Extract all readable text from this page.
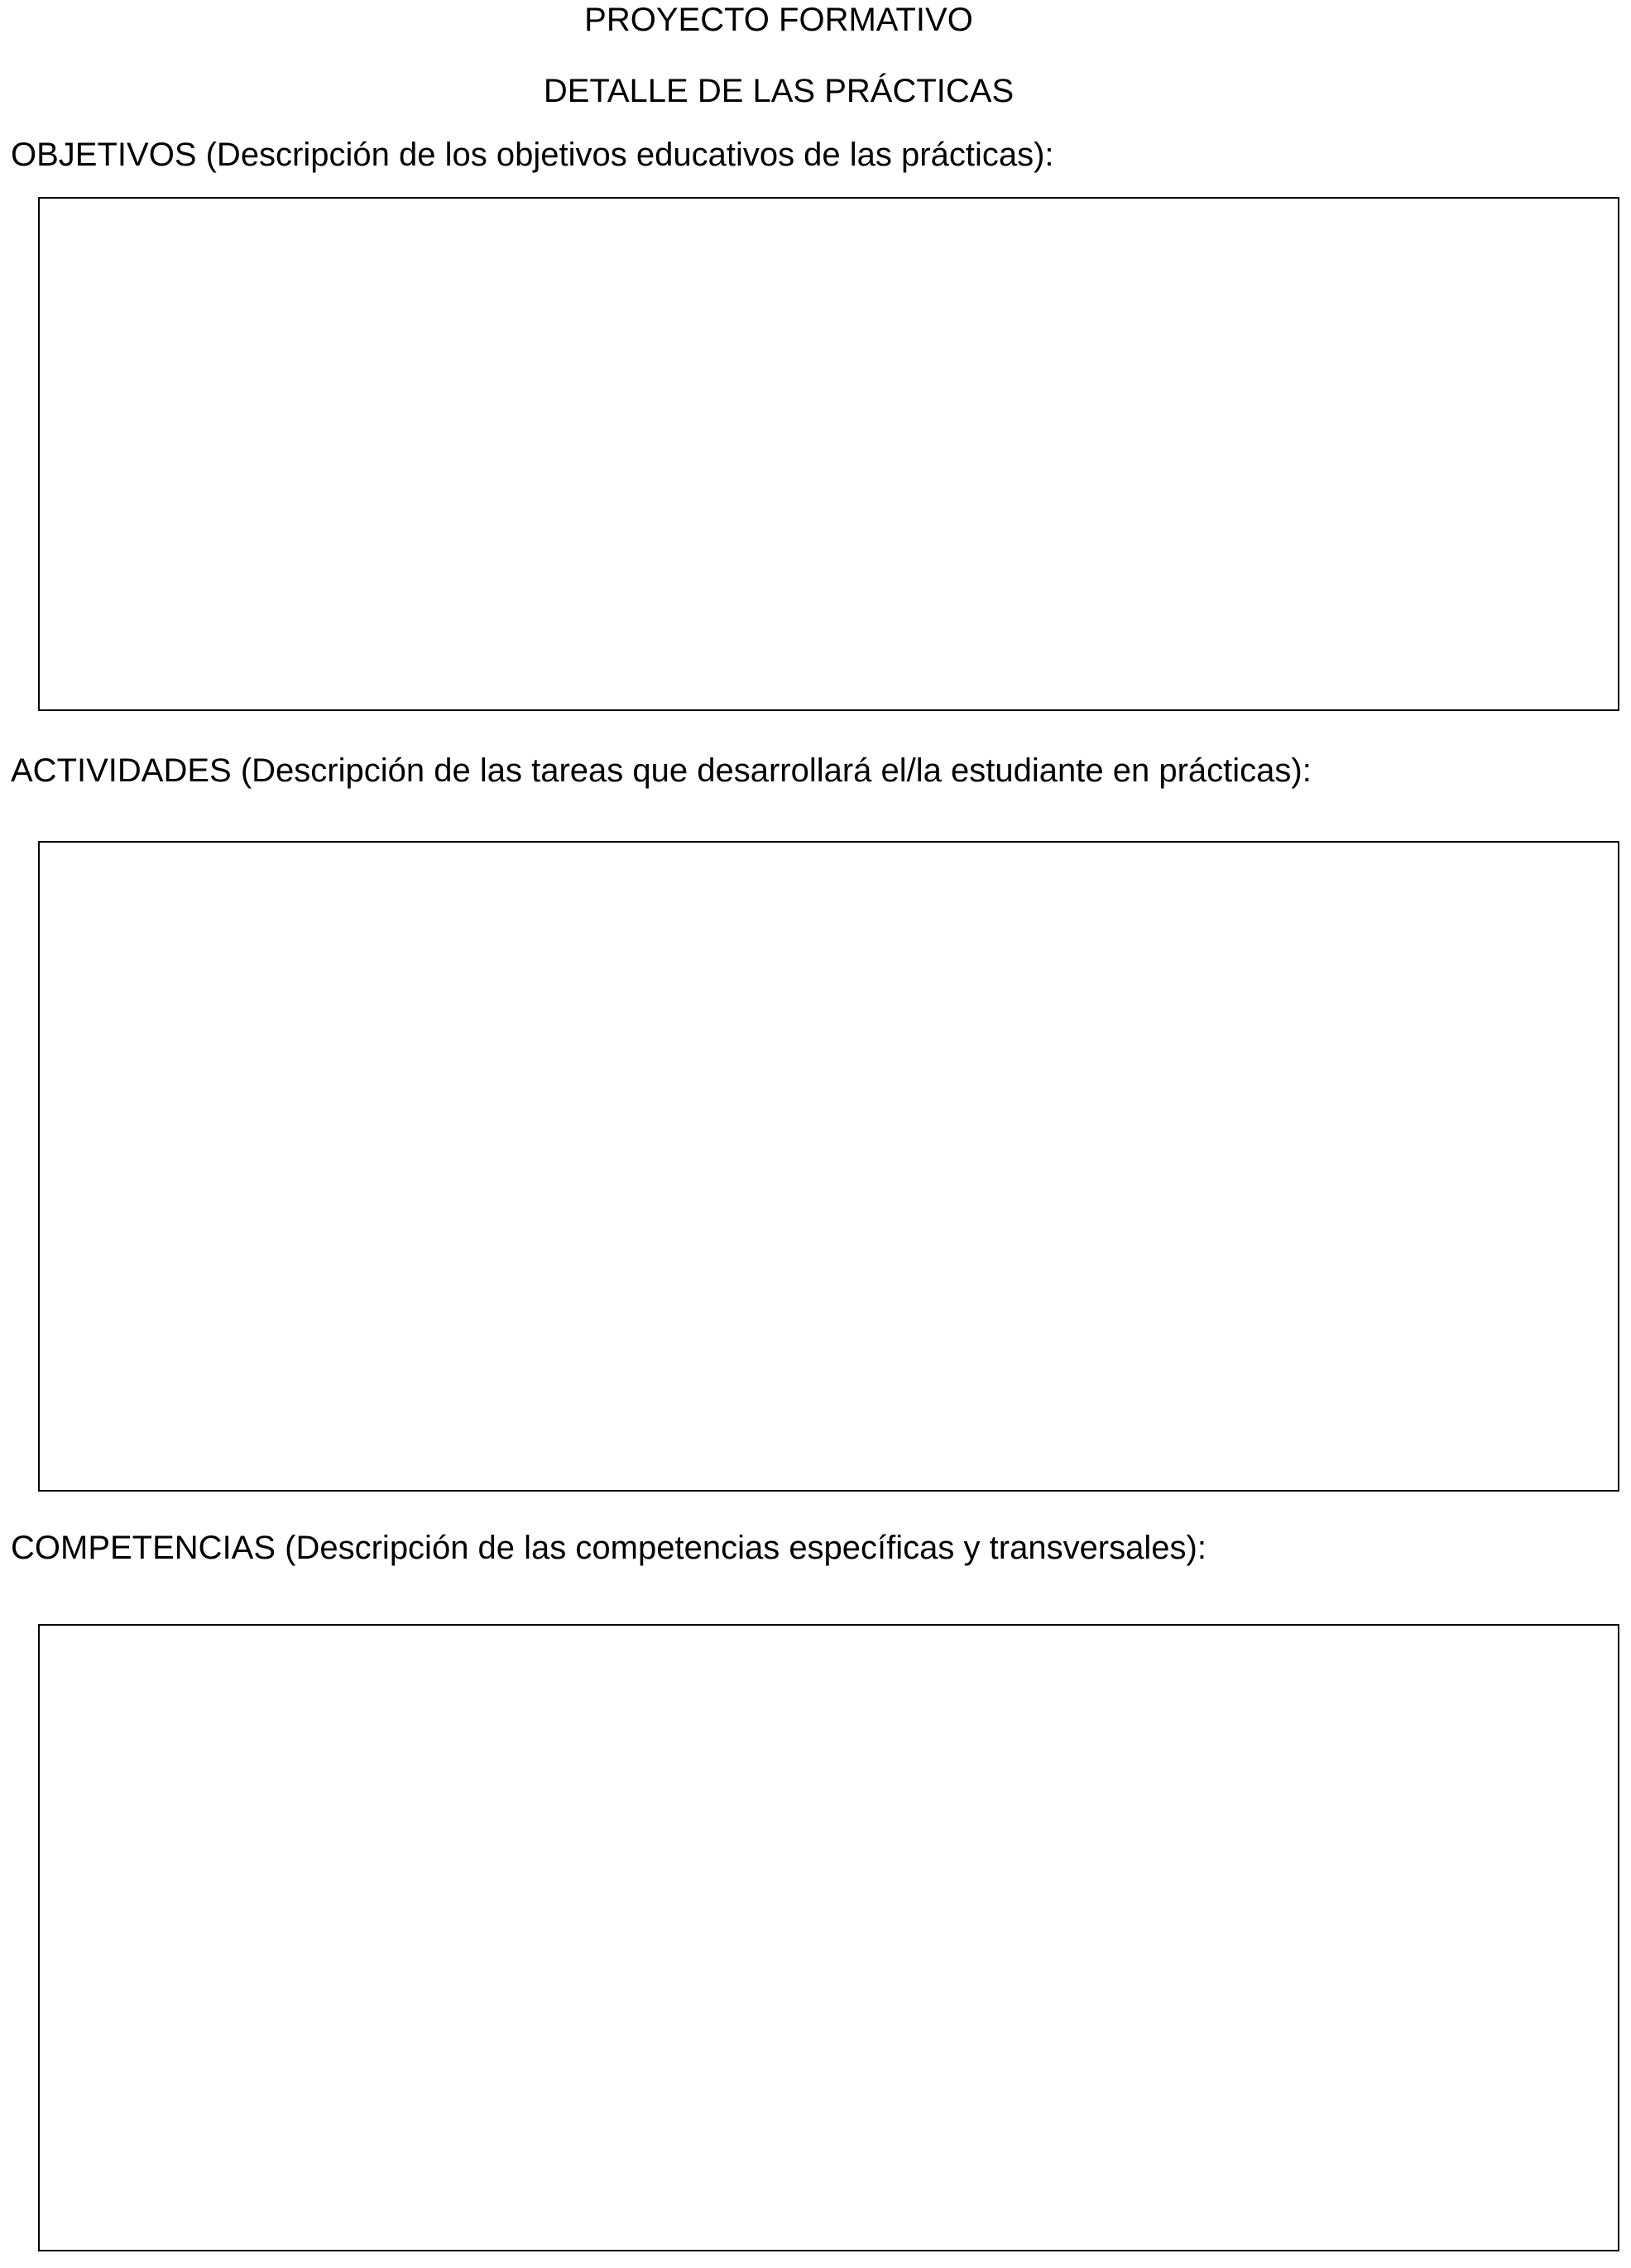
PROYECTO FORMATIVO
DETALLE DE LAS PRÁCTICAS
OBJETIVOS (Descripción de los objetivos educativos de las prácticas):
ACTIVIDADES (Descripción de las tareas que desarrollará el/la estudiante en prácticas):
COMPETENCIAS (Descripción de las competencias específicas y transversales):
